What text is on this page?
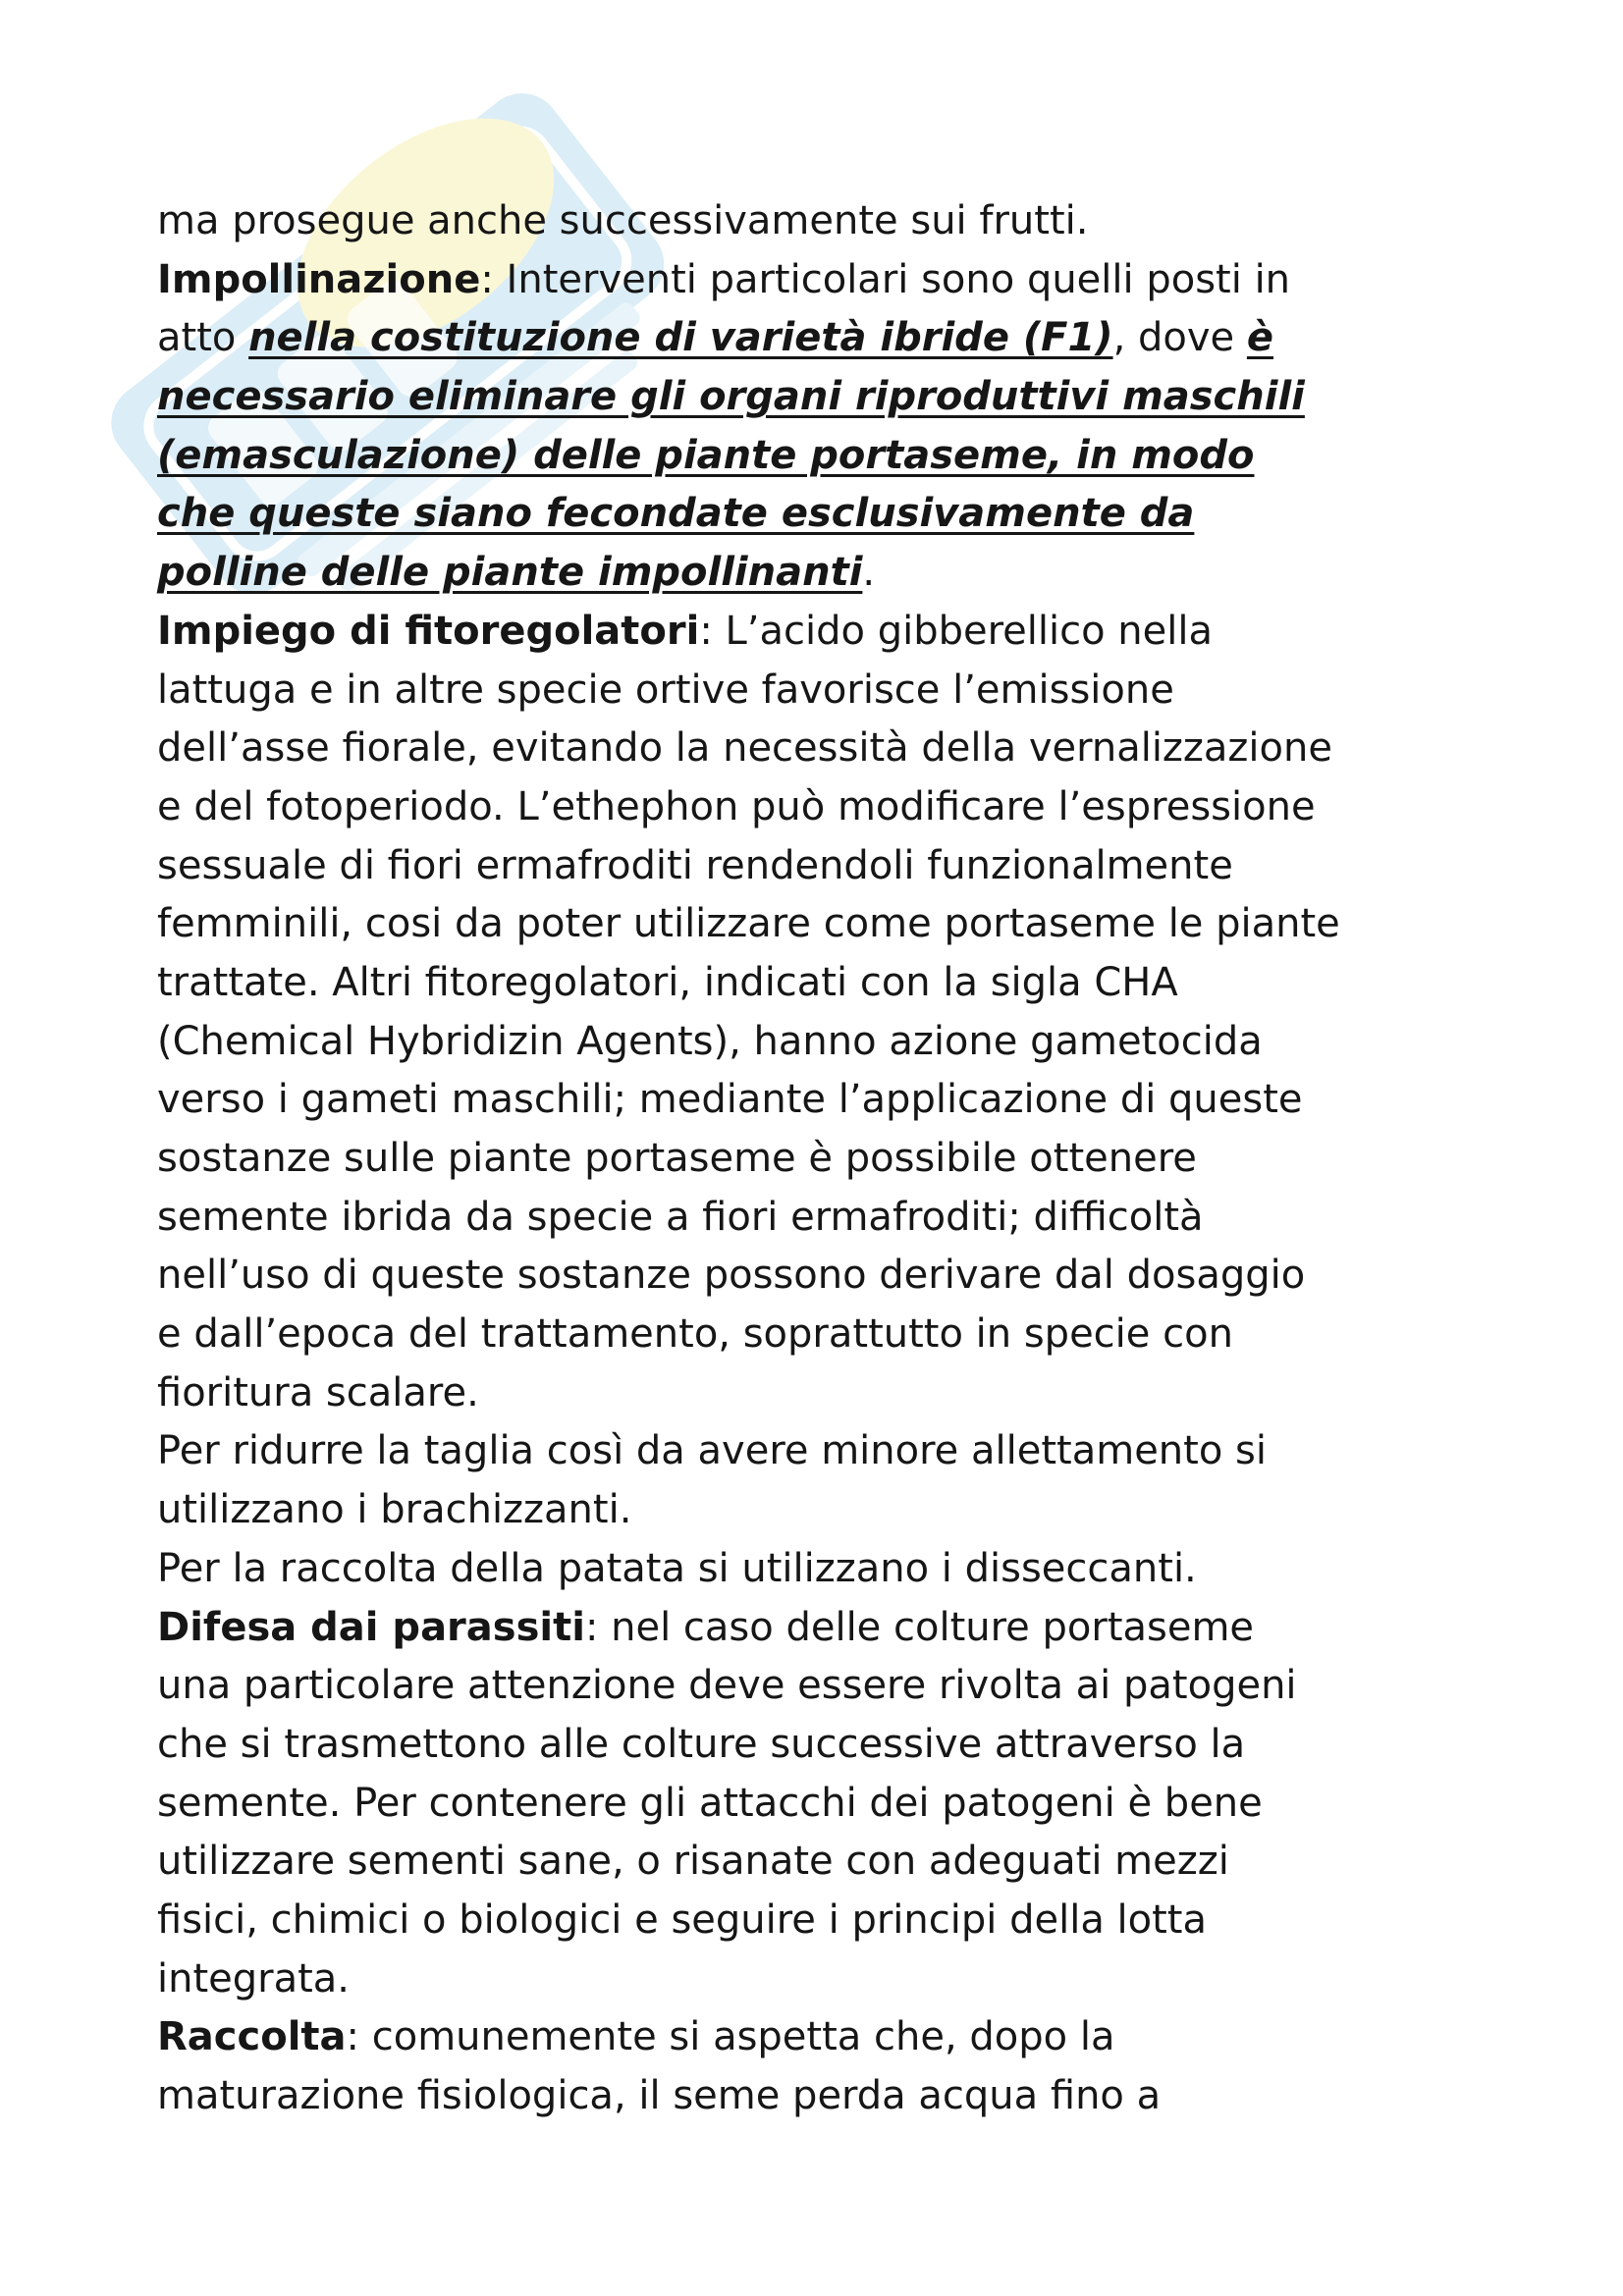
ma prosegue anche successivamente sui frutti.
Impollinazione: Interventi particolari sono quelli posti in
atto nella costituzione di varietà ibride (F1), dove è
necessario eliminare gli organi riproduttivi maschili
(emasculazione) delle piante portaseme, in modo
che queste siano fecondate esclusivamente da
polline delle piante impollinanti.
Impiego di fitoregolatori: L’acido gibberellico nella
lattuga e in altre specie ortive favorisce l’emissione
dell’asse fiorale, evitando la necessità della vernalizzazione
e del fotoperiodo. L’ethephon può modificare l’espressione
sessuale di fiori ermafroditi rendendoli funzionalmente
femminili, cosi da poter utilizzare come portaseme le piante
trattate. Altri fitoregolatori, indicati con la sigla CHA
(Chemical Hybridizin Agents), hanno azione gametocida
verso i gameti maschili; mediante l’applicazione di queste
sostanze sulle piante portaseme è possibile ottenere
semente ibrida da specie a fiori ermafroditi; difficoltà
nell’uso di queste sostanze possono derivare dal dosaggio
e dall’epoca del trattamento, soprattutto in specie con
fioritura scalare.
Per ridurre la taglia così da avere minore allettamento si
utilizzano i brachizzanti.
Per la raccolta della patata si utilizzano i disseccanti.
Difesa dai parassiti: nel caso delle colture portaseme
una particolare attenzione deve essere rivolta ai patogeni
che si trasmettono alle colture successive attraverso la
semente. Per contenere gli attacchi dei patogeni è bene
utilizzare sementi sane, o risanate con adeguati mezzi
fisici, chimici o biologici e seguire i principi della lotta
integrata.
Raccolta: comunemente si aspetta che, dopo la
maturazione fisiologica, il seme perda acqua fino a
